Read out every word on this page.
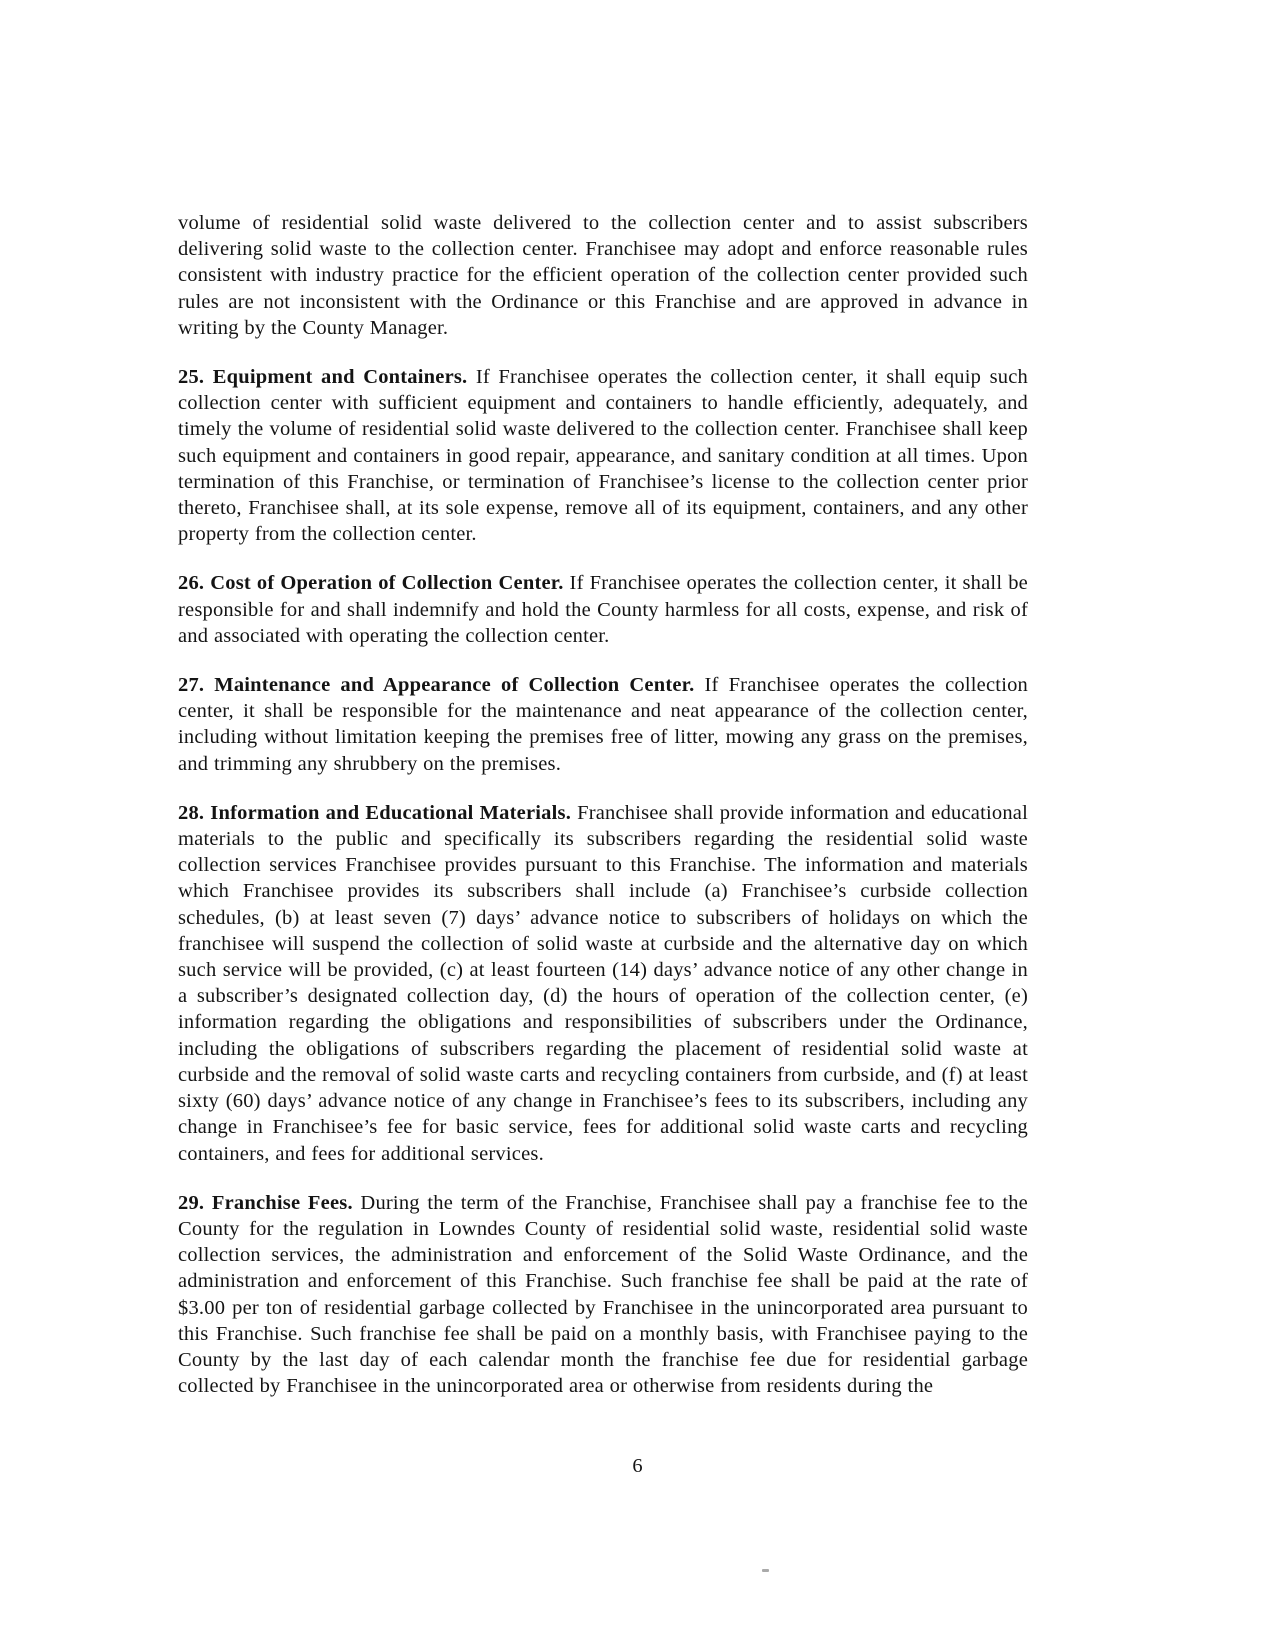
volume of residential solid waste delivered to the collection center and to assist subscribers delivering solid waste to the collection center. Franchisee may adopt and enforce reasonable rules consistent with industry practice for the efficient operation of the collection center provided such rules are not inconsistent with the Ordinance or this Franchise and are approved in advance in writing by the County Manager.

25. Equipment and Containers. If Franchisee operates the collection center, it shall equip such collection center with sufficient equipment and containers to handle efficiently, adequately, and timely the volume of residential solid waste delivered to the collection center. Franchisee shall keep such equipment and containers in good repair, appearance, and sanitary condition at all times. Upon termination of this Franchise, or termination of Franchisee’s license to the collection center prior thereto, Franchisee shall, at its sole expense, remove all of its equipment, containers, and any other property from the collection center.

26. Cost of Operation of Collection Center. If Franchisee operates the collection center, it shall be responsible for and shall indemnify and hold the County harmless for all costs, expense, and risk of and associated with operating the collection center.

27. Maintenance and Appearance of Collection Center. If Franchisee operates the collection center, it shall be responsible for the maintenance and neat appearance of the collection center, including without limitation keeping the premises free of litter, mowing any grass on the premises, and trimming any shrubbery on the premises.

28. Information and Educational Materials. Franchisee shall provide information and educational materials to the public and specifically its subscribers regarding the residential solid waste collection services Franchisee provides pursuant to this Franchise. The information and materials which Franchisee provides its subscribers shall include (a) Franchisee’s curbside collection schedules, (b) at least seven (7) days’ advance notice to subscribers of holidays on which the franchisee will suspend the collection of solid waste at curbside and the alternative day on which such service will be provided, (c) at least fourteen (14) days’ advance notice of any other change in a subscriber’s designated collection day, (d) the hours of operation of the collection center, (e) information regarding the obligations and responsibilities of subscribers under the Ordinance, including the obligations of subscribers regarding the placement of residential solid waste at curbside and the removal of solid waste carts and recycling containers from curbside, and (f) at least sixty (60) days’ advance notice of any change in Franchisee’s fees to its subscribers, including any change in Franchisee’s fee for basic service, fees for additional solid waste carts and recycling containers, and fees for additional services.

29. Franchise Fees. During the term of the Franchise, Franchisee shall pay a franchise fee to the County for the regulation in Lowndes County of residential solid waste, residential solid waste collection services, the administration and enforcement of the Solid Waste Ordinance, and the administration and enforcement of this Franchise. Such franchise fee shall be paid at the rate of $3.00 per ton of residential garbage collected by Franchisee in the unincorporated area pursuant to this Franchise. Such franchise fee shall be paid on a monthly basis, with Franchisee paying to the County by the last day of each calendar month the franchise fee due for residential garbage collected by Franchisee in the unincorporated area or otherwise from residents during the

6
